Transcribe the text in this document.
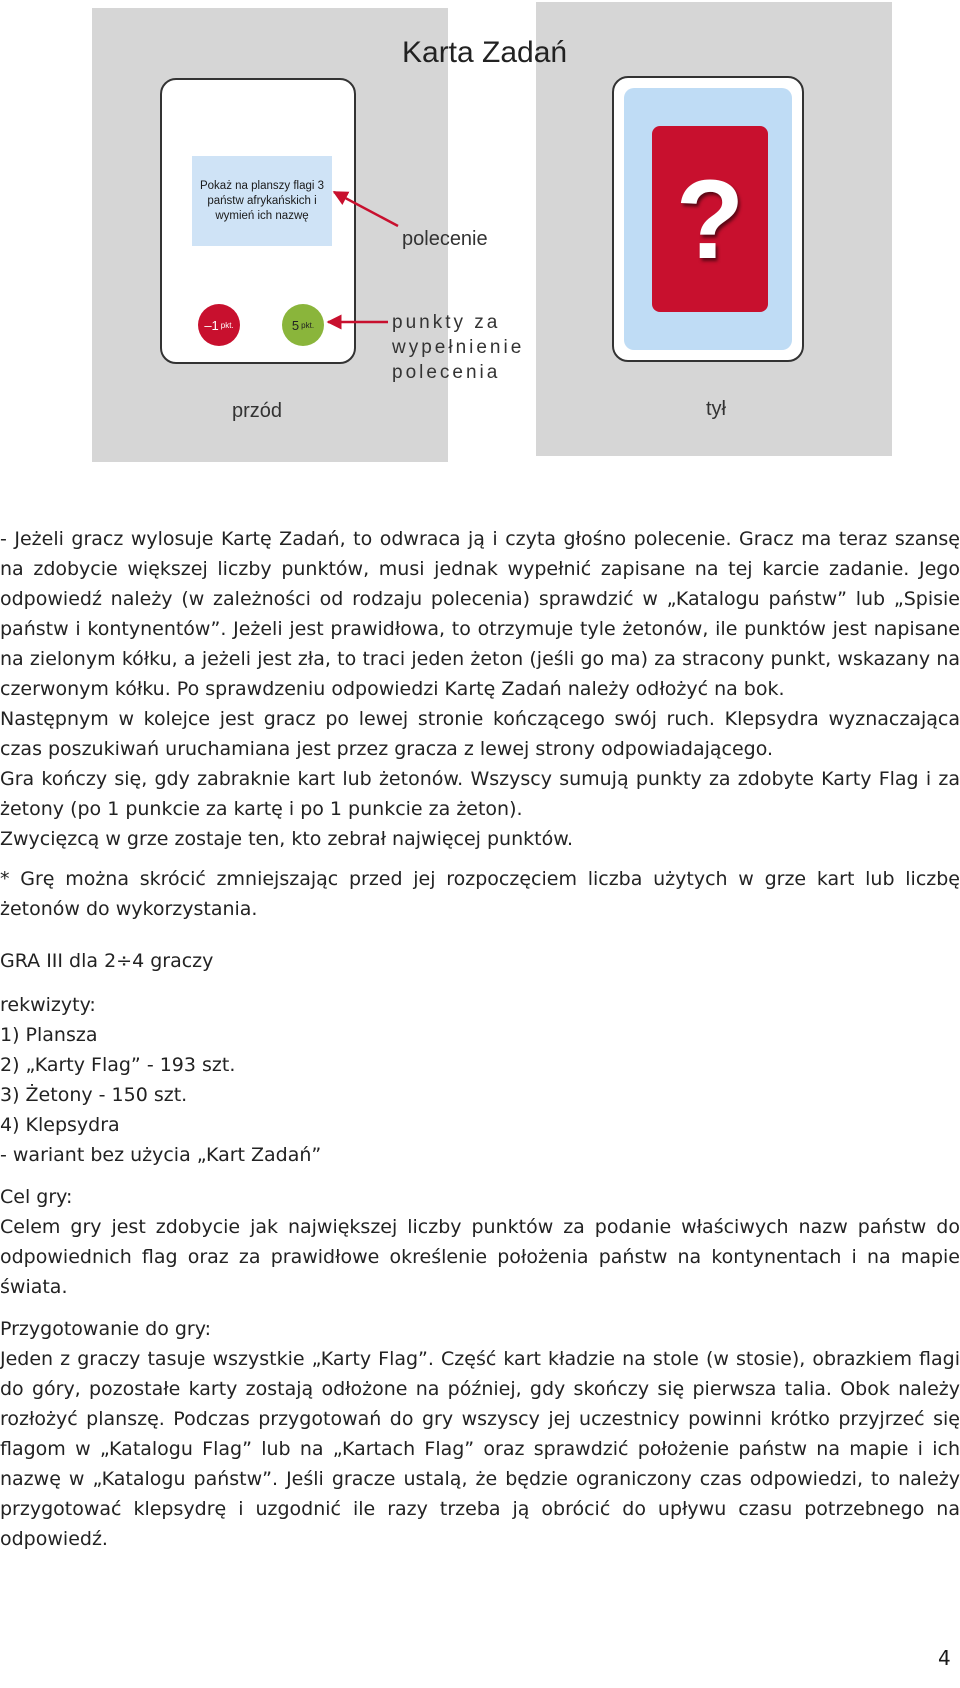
Karta Zadań
Pokaż na planszy flagi 3 państw afrykańskich i wymień ich nazwę
–1 pkt.	5 pkt.
?
polecenie
punkty za wypełnienie polecenia
przód	tył

- Jeżeli gracz wylosuje Kartę Zadań, to odwraca ją i czyta głośno polecenie. Gracz ma teraz szansę na zdobycie większej liczby punktów, musi jednak wypełnić zapisane na tej karcie zadanie. Jego odpowiedź należy (w zależności od rodzaju polecenia) sprawdzić w „Katalogu państw” lub „Spisie państw i kontynentów”. Jeżeli jest prawidłowa, to otrzymuje tyle żetonów, ile punktów jest napisane na zielonym kółku, a jeżeli jest zła, to traci jeden żeton (jeśli go ma) za stracony punkt, wskazany na czerwonym kółku. Po sprawdzeniu odpowiedzi Kartę Zadań należy odłożyć na bok.

Następnym w kolejce jest gracz po lewej stronie kończącego swój ruch. Klepsydra wyznaczająca czas poszukiwań uruchamiana jest przez gracza z lewej strony odpowiadającego.

Gra kończy się, gdy zabraknie kart lub żetonów. Wszyscy sumują punkty za zdobyte Karty Flag i za żetony (po 1 punkcie za kartę i po 1 punkcie za żeton).

Zwycięzcą w grze zostaje ten, kto zebrał najwięcej punktów.

* Grę można skrócić zmniejszając przed jej rozpoczęciem liczba użytych w grze kart lub liczbę żetonów do wykorzystania.

GRA III dla 2÷4 graczy

rekwizyty:

1) Plansza

2) „Karty Flag” - 193 szt.

3) Żetony - 150 szt.

4) Klepsydra

- wariant bez użycia „Kart Zadań”

Cel gry:

Celem gry jest zdobycie jak największej liczby punktów za podanie właściwych nazw państw do odpowiednich flag oraz za prawidłowe określenie położenia państw na kontynentach i na mapie świata.

Przygotowanie do gry:

Jeden z graczy tasuje wszystkie „Karty Flag”. Część kart kładzie na stole (w stosie), obrazkiem flagi do góry, pozostałe karty zostają odłożone na później, gdy skończy się pierwsza talia. Obok należy rozłożyć planszę. Podczas przygotowań do gry wszyscy jej uczestnicy powinni krótko przyjrzeć się flagom w „Katalogu Flag” lub na „Kartach Flag” oraz sprawdzić położenie państw na mapie i ich nazwę w „Katalogu państw”. Jeśli gracze ustalą, że będzie ograniczony czas odpowiedzi, to należy przygotować klepsydrę i uzgodnić ile razy trzeba ją obrócić do upływu czasu potrzebnego na odpowiedź.

4
